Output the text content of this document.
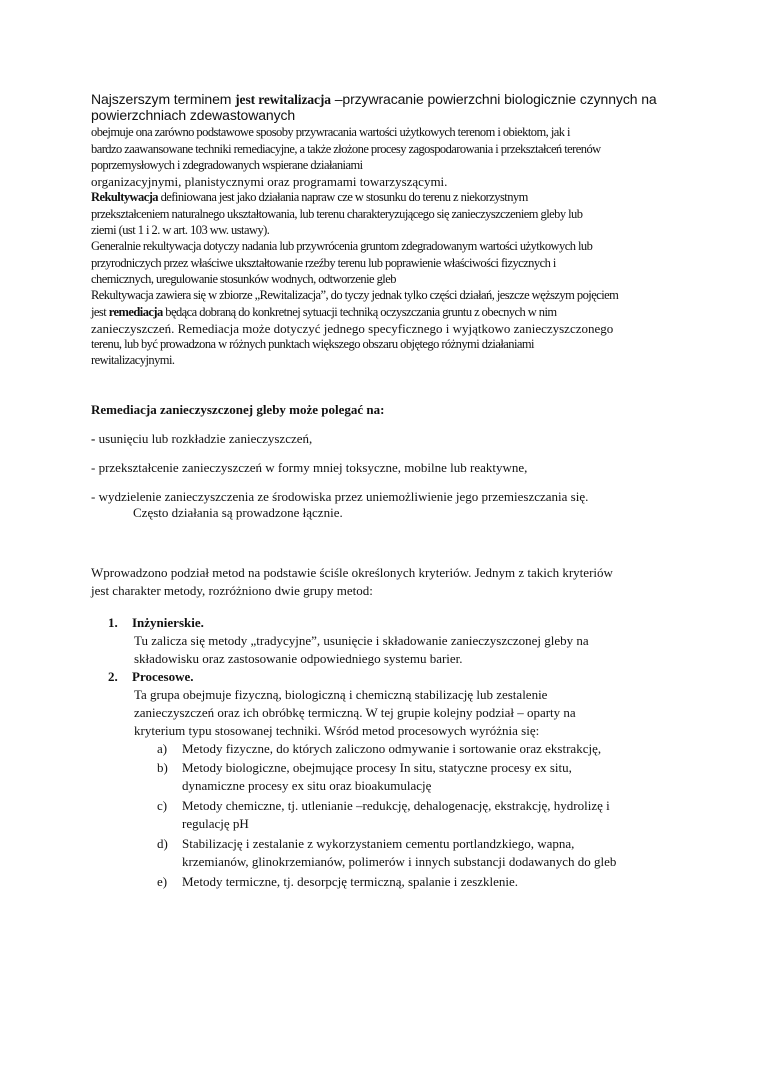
Najszerszym terminem jest rewitalizacja –przywracanie powierzchni biologicznie czynnych na
powierzchniach zdewastowanych
obejmuje ona zarówno podstawowe sposoby przywracania wartości użytkowych terenom i obiektom, jak i
bardzo zaawansowane techniki remediacyjne, a także złożone procesy zagospodarowania i przekształceń terenów
poprzemysłowych i zdegradowanych wspierane działaniami
organizacyjnymi, planistycznymi oraz programami towarzyszącymi.
Rekultywacja definiowana jest jako działania napraw cze w stosunku do terenu z niekorzystnym
przekształceniem naturalnego ukształtowania, lub terenu charakteryzującego się zanieczyszczeniem gleby lub
ziemi (ust 1 i 2. w art. 103 ww. ustawy).
Generalnie rekultywacja dotyczy nadania lub przywrócenia gruntom zdegradowanym wartości użytkowych lub
przyrodniczych przez właściwe ukształtowanie rzeźby terenu lub poprawienie właściwości fizycznych i
chemicznych, uregulowanie stosunków wodnych, odtworzenie gleb
Rekultywacja zawiera się w zbiorze „Rewitalizacja”, do tyczy jednak tylko części działań, jeszcze węższym pojęciem
jest remediacja będąca dobraną do konkretnej sytuacji techniką oczyszczania gruntu z obecnych w nim
zanieczyszczeń. Remediacja może dotyczyć jednego specyficznego i wyjątkowo zanieczyszczonego
terenu, lub być prowadzona w różnych punktach większego obszaru objętego różnymi działaniami
rewitalizacyjnymi.
Remediacja zanieczyszczonej gleby może polegać na:
- usunięciu lub rozkładzie zanieczyszczeń,
- przekształcenie zanieczyszczeń w formy mniej toksyczne, mobilne lub reaktywne,
- wydzielenie zanieczyszczenia ze środowiska przez uniemożliwienie jego przemieszczania się.
Często działania są prowadzone łącznie.
Wprowadzono podział metod na podstawie ściśle określonych kryteriów. Jednym z takich kryteriów
jest charakter metody, rozróżniono dwie grupy metod:
1. Inżynierskie.
Tu zalicza się metody „tradycyjne”, usunięcie i składowanie zanieczyszczonej gleby na
składowisku oraz zastosowanie odpowiedniego systemu barier.
2. Procesowe.
Ta grupa obejmuje fizyczną, biologiczną i chemiczną stabilizację lub zestalenie
zanieczyszczeń oraz ich obróbkę termiczną. W tej grupie kolejny podział – oparty na
kryterium typu stosowanej techniki. Wśród metod procesowych wyróżnia się:
a) Metody fizyczne, do których zaliczono odmywanie i sortowanie oraz ekstrakcję,
b) Metody biologiczne, obejmujące procesy In situ, statyczne procesy ex situ,
dynamiczne procesy ex situ oraz bioakumulację
c) Metody chemiczne, tj. utlenianie –redukcję, dehalogenację, ekstrakcję, hydrolizę i
regulację pH
d) Stabilizację i zestalanie z wykorzystaniem cementu portlandzkiego, wapna,
krzemianów, glinokrzemianów, polimerów i innych substancji dodawanych do gleb
e) Metody termiczne, tj. desorpcję termiczną, spalanie i zeszklenie.
